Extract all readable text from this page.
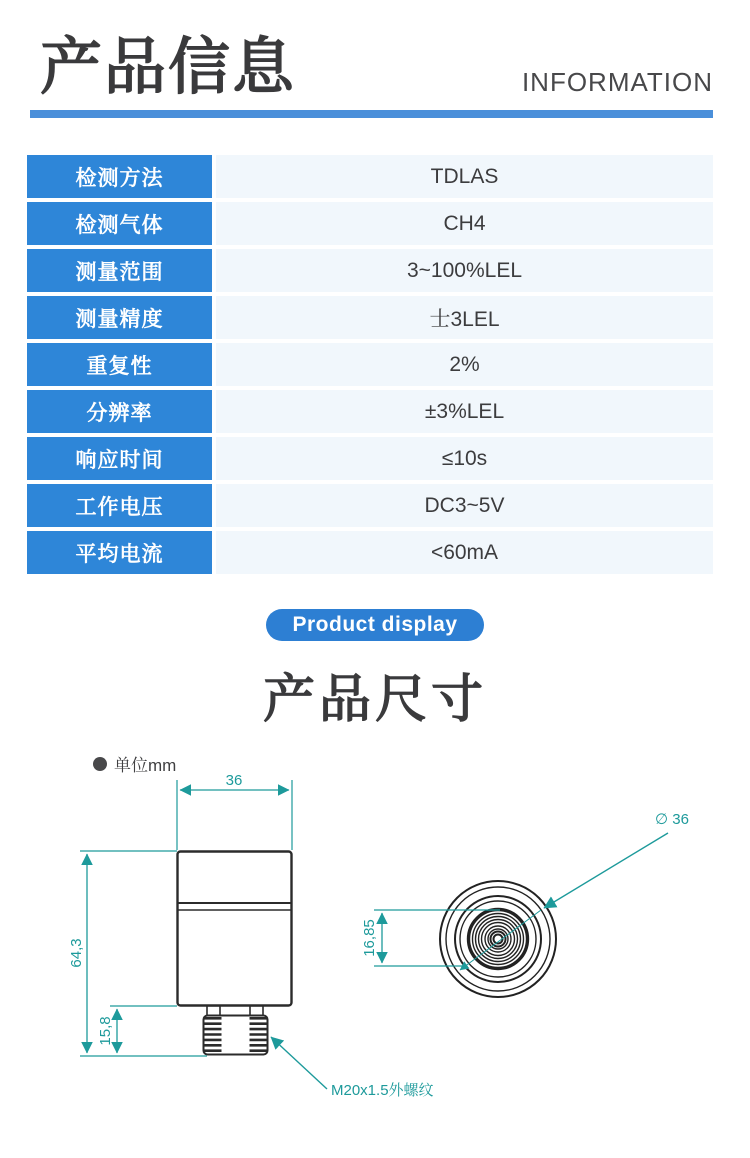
产品信息	INFORMATION
检测方法	TDLAS
检测气体	CH4
测量范围	3~100%LEL
测量精度	士3LEL
重复性	2%
分辨率	±3%LEL
响应时间	≤10s
工作电压	DC3~5V
平均电流	<60mA
Product display
产品尺寸
单位mm
36
64,3
15,8
M20x1.5外螺纹
∅ 36
16,85
